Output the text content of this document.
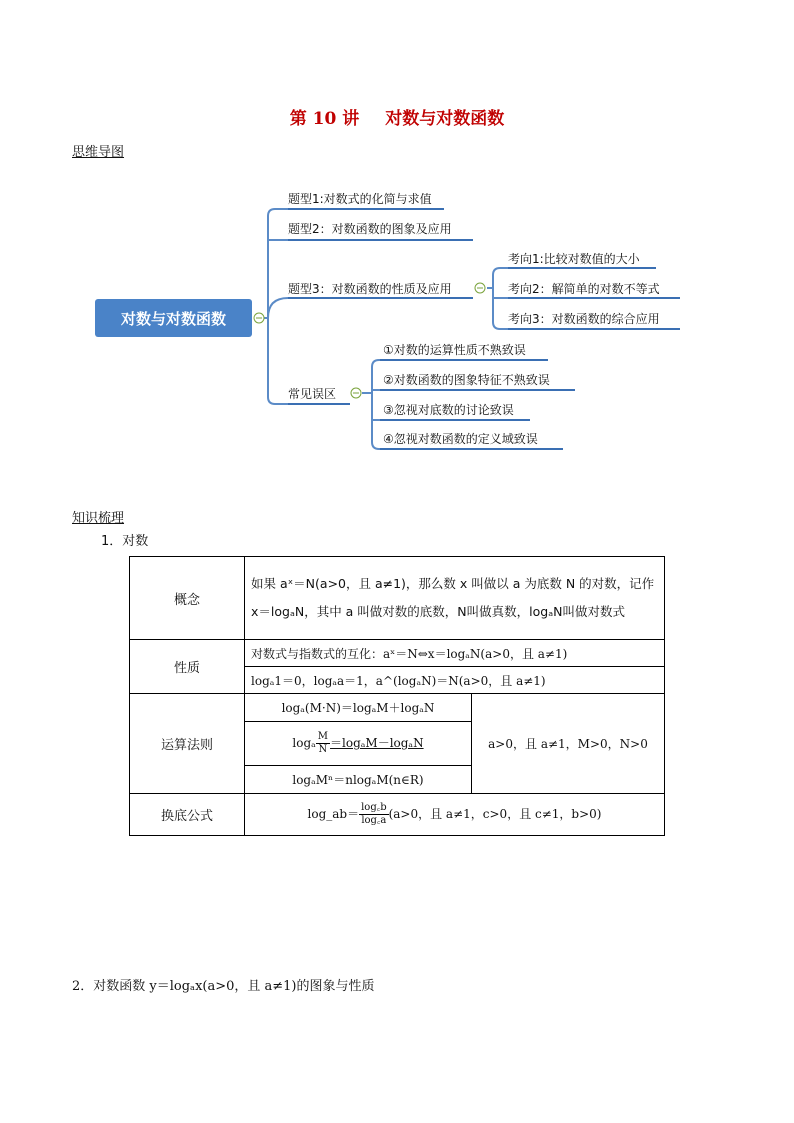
第 10 讲 对数与对数函数
思维导图
对数与对数函数
题型1:对数式的化简与求值
题型2：对数函数的图象及应用
题型3：对数函数的性质及应用
常见误区
考向1:比较对数值的大小
考向2：解简单的对数不等式
考向3：对数函数的综合应用
①对数的运算性质不熟致误
②对数函数的图象特征不熟致误
③忽视对底数的讨论致误
④忽视对数函数的定义域致误
知识梳理
1．对数
概念	如果 aˣ＝N(a>0，且 a≠1)，那么数 x 叫做以 a 为底数 N 的对数，记作 x＝logₐN，其中 a 叫做对数的底数，N叫做真数，logₐN叫做对数式	
性质	对数式与指数式的互化：aˣ＝N⇔x＝logₐN(a>0，且 a≠1)	
	logₐ1＝0，logₐa＝1，a^(logₐN)＝N(a>0，且 a≠1)	
运算法则	logₐ(M·N)＝logₐM＋logₐN	a>0，且 a≠1，M>0，N>0
	logₐ $\frac{M}{N} =\log_aM-\log_aN$	
	logₐMⁿ＝nlogₐM(n∈R)	
换底公式	log_ab＝ $\frac{\log꜀b}{\log꜀a} (a>0$，且 a≠1，c>0，且 c≠1，b>0)	
2．对数函数 y＝logₐx(a>0，且 a≠1)的图象与性质
